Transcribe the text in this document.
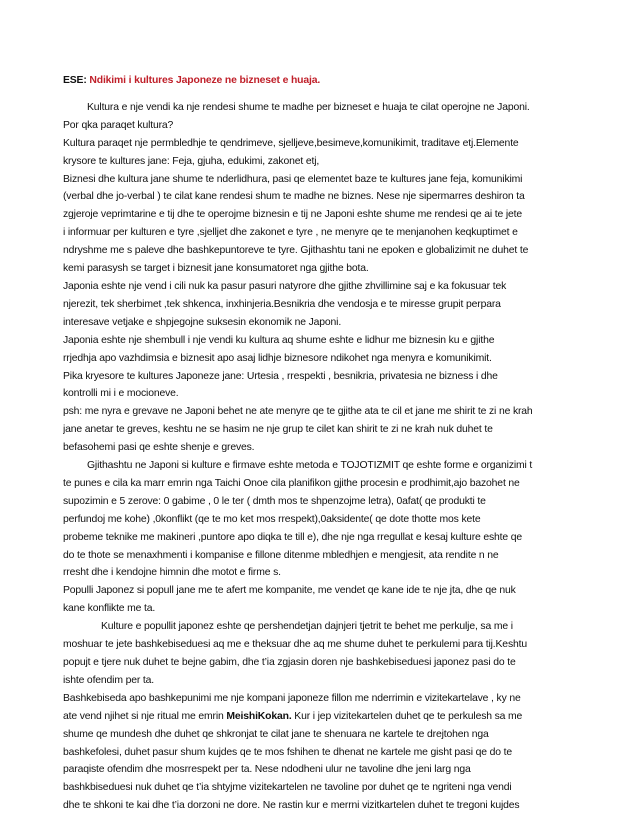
ESE: Ndikimi i kultures Japoneze ne bizneset e huaja.
Kultura e nje vendi ka nje rendesi shume te madhe per bizneset e huaja te cilat operojne ne Japoni.
Por qka paraqet kultura?
Kultura paraqet nje permbledhje te qendrimeve, sjelljeve,besimeve,komunikimit, traditave etj.Elemente
krysore te kultures jane: Feja, gjuha, edukimi, zakonet etj,
Biznesi dhe kultura jane shume te nderlidhura, pasi qe elementet baze te kultures jane feja, komunikimi
(verbal dhe jo-verbal ) te cilat kane rendesi shum te madhe ne biznes. Nese nje sipermarres deshiron ta
zgjeroje veprimtarine e tij dhe te operojme biznesin e tij ne Japoni eshte shume me rendesi qe ai te jete
i informuar per kulturen e tyre ,sjelljet dhe zakonet e tyre , ne menyre qe te menjanohen keqkuptimet e
ndryshme me s paleve dhe bashkepuntoreve te tyre. Gjithashtu tani ne epoken e globalizimit ne duhet te
kemi parasysh se target i biznesit jane konsumatoret nga gjithe bota.
Japonia eshte nje vend i cili nuk ka pasur pasuri natyrore dhe gjithe zhvillimine saj e ka fokusuar tek
njerezit, tek sherbimet ,tek shkenca, inxhinjeria.Besnikria dhe vendosja e te miresse grupit perpara
interesave vetjake e shpjegojne suksesin ekonomik ne Japoni.
Japonia eshte nje shembull i nje vendi ku kultura aq shume eshte e lidhur me biznesin ku e gjithe
rrjedhja apo vazhdimsia e biznesit apo asaj lidhje biznesore ndikohet nga menyra e komunikimit.
Pika kryesore te kultures Japoneze jane: Urtesia , rrespekti , besnikria, privatesia ne bizness i dhe
kontrolli mi i e mocioneve.
psh: me nyra e grevave ne Japoni behet ne ate menyre qe te gjithe ata te cil et jane me shirit te zi ne krah
jane anetar te greves, keshtu ne se hasim ne nje grup te cilet kan shirit te zi ne krah nuk duhet te
befasohemi pasi qe eshte shenje e greves.
Gjithashtu ne Japoni si kulture e firmave eshte metoda e TOJOTIZMIT qe eshte forme e organizimi t
te punes e cila ka marr emrin nga Taichi Onoe cila planifikon gjithe procesin e prodhimit,ajo bazohet ne
supozimin e 5 zerove: 0 gabime , 0 le ter ( dmth mos te shpenzojme letra), 0afat( qe produkti te
perfundoj me kohe) ,0konflikt (qe te mo ket mos rrespekt),0aksidente( qe dote thotte mos kete
probeme teknike me makineri ,puntore apo diqka te till e), dhe nje nga rregullat e kesaj kulture eshte qe
do te thote se menaxhmenti i kompanise e fillone ditenme mbledhjen e mengjesit, ata rendite n ne
rresht dhe i kendojne himnin dhe motot e firme s.
Populli Japonez si popull jane me te afert me kompanite, me vendet qe kane ide te nje jta, dhe qe nuk
kane konflikte me ta.
Kulture e popullit japonez eshte qe pershendetjan dajnjeri tjetrit te behet me perkulje, sa me i
moshuar te jete bashkebiseduesi aq me e theksuar dhe aq me shume duhet te perkulemi para tij.Keshtu
popujt e tjere nuk duhet te bejne gabim, dhe t’ia zgjasin doren nje bashkebiseduesi japonez pasi do te
ishte ofendim per ta.
Bashkebiseda apo bashkepunimi me nje kompani japoneze fillon me nderrimin e vizitekartelave , ky ne
ate vend njihet si nje ritual me emrin MeishiKokan. Kur i jep vizitekartelen duhet qe te perkulesh sa me
shume qe mundesh dhe duhet qe shkronjat te cilat jane te shenuara ne kartele te drejtohen nga
bashkefolesi, duhet pasur shum kujdes qe te mos fshihen te dhenat ne kartele me gisht pasi qe do te
paraqiste ofendim dhe mosrrespekt per ta. Nese ndodheni ulur ne tavoline dhe jeni larg nga
bashkbiseduesi nuk duhet qe t’ia shtyjme vizitekartelen ne tavoline por duhet qe te ngriteni nga vendi
dhe te shkoni te kai dhe t’ia dorzoni ne dore. Ne rastin kur e merrni vizitkartelen duhet te tregoni kujdes
